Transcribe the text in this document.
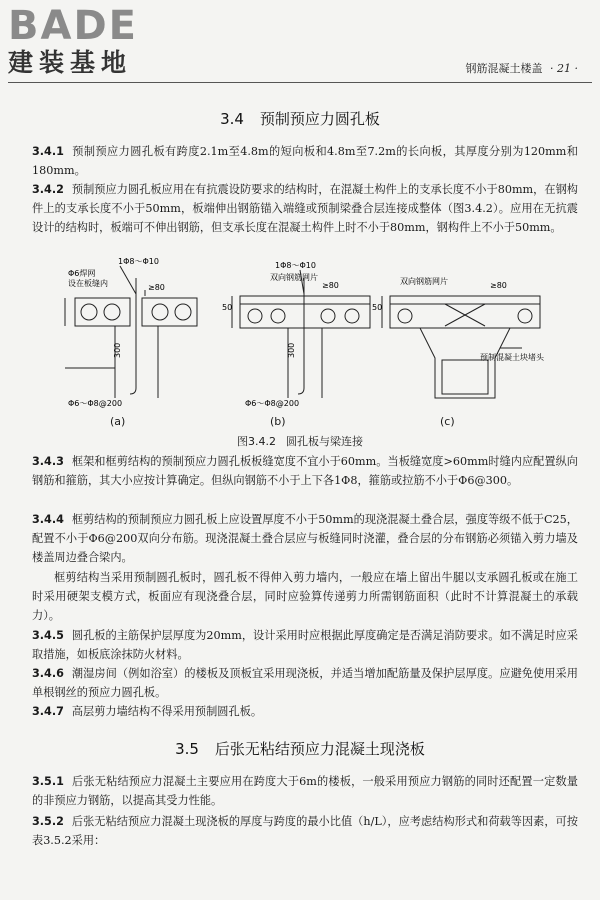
BADE
建装基地	钢筋混凝土楼盖 · 21 ·
3.4 预制预应力圆孔板
3.4.1 预制预应力圆孔板有跨度2.1m至4.8m的短向板和4.8m至7.2m的长向板，其厚度分别为120mm和180mm。
3.4.2 预制预应力圆孔板应用在有抗震设防要求的结构时，在混凝土构件上的支承长度不小于80mm，在钢构件上的支承长度不小于50mm，板端伸出钢筋锚入端缝或预制梁叠合层连接成整体（图3.4.2）。应用在无抗震设计的结构时，板端可不伸出钢筋，但支承长度在混凝土构件上时不小于80mm，钢构件上不小于50mm。
1Φ8～Φ10
Φ6焊网
设在板缝内	≥80
300
Φ6～Φ8@200
1Φ8～Φ10
双向钢筋网片
≥80
50
300
Φ6～Φ8@200
双向钢筋网片	≥80
50
预制混凝土块堵头
(a)	(b)	(c)
图3.4.2 圆孔板与梁连接
3.4.3 框架和框剪结构的预制预应力圆孔板板缝宽度不宜小于60mm。当板缝宽度>60mm时缝内应配置纵向钢筋和箍筋，其大小应按计算确定。但纵向钢筋不小于上下各1Φ8，箍筋或拉筋不小于Φ6@300。
3.4.4 框剪结构的预制预应力圆孔板上应设置厚度不小于50mm的现浇混凝土叠合层，强度等级不低于C25，配置不小于Φ6@200双向分布筋。现浇混凝土叠合层应与板缝同时浇灌，叠合层的分布钢筋必须锚入剪力墙及楼盖周边叠合梁内。
框剪结构当采用预制圆孔板时，圆孔板不得伸入剪力墙内，一般应在墙上留出牛腿以支承圆孔板或在施工时采用硬架支模方式，板面应有现浇叠合层，同时应验算传递剪力所需钢筋面积（此时不计算混凝土的承载力）。
3.4.5 圆孔板的主筋保护层厚度为20mm，设计采用时应根据此厚度确定是否满足消防要求。如不满足时应采取措施，如板底涂抹防火材料。
3.4.6 潮湿房间（例如浴室）的楼板及顶板宜采用现浇板，并适当增加配筋量及保护层厚度。应避免使用采用单根钢丝的预应力圆孔板。
3.4.7 高层剪力墙结构不得采用预制圆孔板。
3.5 后张无粘结预应力混凝土现浇板
3.5.1 后张无粘结预应力混凝土主要应用在跨度大于6m的楼板，一般采用预应力钢筋的同时还配置一定数量的非预应力钢筋，以提高其受力性能。
3.5.2 后张无粘结预应力混凝土现浇板的厚度与跨度的最小比值（h/L），应考虑结构形式和荷载等因素，可按表3.5.2采用：
